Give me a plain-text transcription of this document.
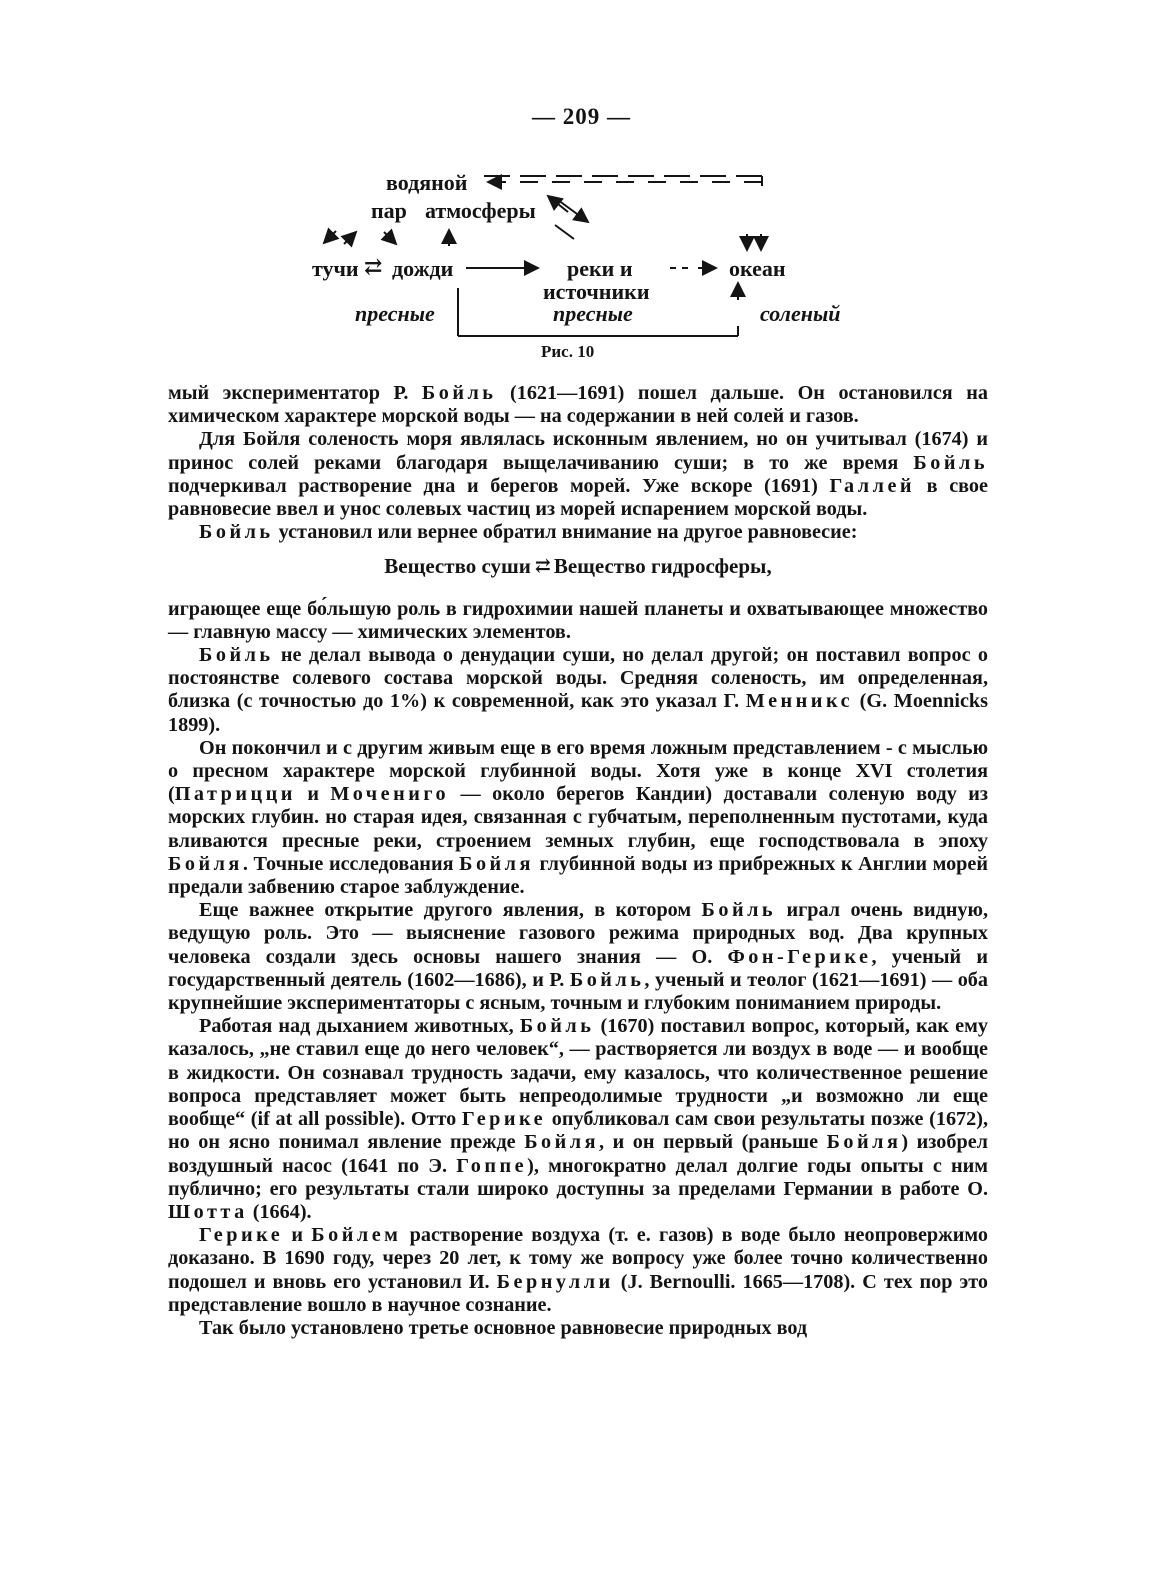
— 209 —
водяной
пар атмосферы
тучи ⇄ дожди	реки и
источники
океан
пресные	пресные	соленый
Рис. 10

мый экспериментатор Р. Бойль (1621—1691) пошел дальше. Он остановился на химическом характере морской воды — на содержании в ней солей и газов.

Для Бойля соленость моря являлась исконным явлением, но он учитывал (1674) и принос солей реками благодаря выщелачиванию суши; в то же время Бойль подчеркивал растворение дна и берегов морей. Уже вскоре (1691) Галлей в свое равновесие ввел и унос солевых частиц из морей испарением морской воды.

Бойль установил или вернее обратил внимание на другое равновесие:

Вещество суши ⇄ Вещество гидросферы,

играющее еще бо́льшую роль в гидрохимии нашей планеты и охватывающее множество — главную массу — химических элементов.

Бойль не делал вывода о денудации суши, но делал другой; он поставил вопрос о постоянстве солевого состава морской воды. Средняя соленость, им определенная, близка (с точностью до 1%) к современной, как это указал Г. Менникс (G. Moennicks 1899).

Он покончил и с другим живым еще в его время ложным представлением - с мыслью о пресном характере морской глубинной воды. Хотя уже в конце XVI столетия (Патрицци и Мочениго — около берегов Кандии) доставали соленую воду из морских глубин. но старая идея, связанная с губчатым, переполненным пустотами, куда вливаются пресные реки, строением земных глубин, еще господствовала в эпоху Бойля. Точные исследования Бойля глубинной воды из прибрежных к Англии морей предали забвению старое заблуждение.

Еще важнее открытие другого явления, в котором Бойль играл очень видную, ведущую роль. Это — выяснение газового режима природных вод. Два крупных человека создали здесь основы нашего знания — О. Фон-Герике, ученый и государственный деятель (1602—1686), и Р. Бойль, ученый и теолог (1621—1691) — оба крупнейшие экспериментаторы с ясным, точным и глубоким пониманием природы.

Работая над дыханием животных, Бойль (1670) поставил вопрос, который, как ему казалось, „не ставил еще до него человек“, — растворяется ли воздух в воде — и вообще в жидкости. Он сознавал трудность задачи, ему казалось, что количественное решение вопроса представляет может быть непреодолимые трудности „и возможно ли еще вообще“ (if at all possible). Отто Герике опубликовал сам свои результаты позже (1672), но он ясно понимал явление прежде Бойля, и он первый (раньше Бойля) изобрел воздушный насос (1641 по Э. Гоппе), многократно делал долгие годы опыты с ним публично; его результаты стали широко доступны за пределами Германии в работе О. Шотта (1664).

Герике и Бойлем растворение воздуха (т. е. газов) в воде было неопровержимо доказано. В 1690 году, через 20 лет, к тому же вопросу уже более точно количественно подошел и вновь его установил И. Бернулли (J. Bernoulli. 1665—1708). С тех пор это представление вошло в научное сознание.

Так было установлено третье основное равновесие природных вод
